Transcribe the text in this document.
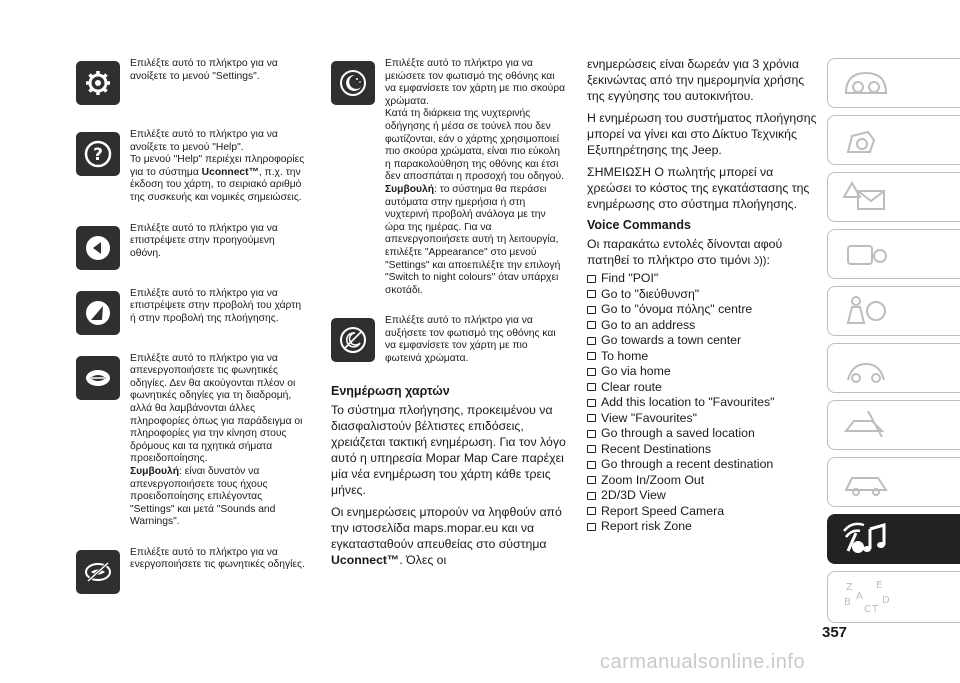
Επιλέξτε αυτό το πλήκτρο για να ανοίξετε το μενού "Settings".

?

Επιλέξτε αυτό το πλήκτρο για να ανοίξετε το μενού "Help".

Το μενού "Help" περιέχει πληροφορίες για το σύστημα Uconnect™, π.χ. την έκδοση του χάρτη, το σειριακό αριθμό της συσκευής και νομικές σημειώσεις.

Επιλέξτε αυτό το πλήκτρο για να επιστρέψετε στην προηγούμενη οθόνη.

Επιλέξτε αυτό το πλήκτρο για να επιστρέψετε στην προβολή του χάρτη ή στην προβολή της πλοήγησης.

Επιλέξτε αυτό το πλήκτρο για να απενεργοποιήσετε τις φωνητικές οδηγίες. Δεν θα ακούγονται πλέον οι φωνητικές οδηγίες για τη διαδρομή, αλλά θα λαμβάνονται άλλες πληροφορίες όπως για παράδειγμα οι πληροφορίες για την κίνηση στους δρόμους και τα ηχητικά σήματα προειδοποίησης.

Συμβουλή: είναι δυνατόν να απενεργοποιήσετε τους ήχους προειδοποίησης επιλέγοντας "Settings" και μετά "Sounds and Warnings".

Επιλέξτε αυτό το πλήκτρο για να ενεργοποιήσετε τις φωνητικές οδηγίες.

Επιλέξτε αυτό το πλήκτρο για να μειώσετε τον φωτισμό της οθόνης και να εμφανίσετε τον χάρτη με πιο σκούρα χρώματα.

Κατά τη διάρκεια της νυχτερινής οδήγησης ή μέσα σε τούνελ που δεν φωτίζονται, εάν ο χάρτης χρησιμοποιεί πιο σκούρα χρώματα, είναι πιο εύκολη η παρακολούθηση της οθόνης και έτσι δεν αποσπάται η προσοχή του οδηγού.

Συμβουλή: το σύστημα θα περάσει αυτόματα στην ημερήσια ή στη νυχτερινή προβολή ανάλογα με την ώρα της ημέρας. Για να απενεργοποιήσετε αυτή τη λειτουργία, επιλέξτε "Appearance" στο μενού "Settings" και αποεπιλέξτε την επιλογή "Switch to night colours" όταν υπάρχει σκοτάδι.

Επιλέξτε αυτό το πλήκτρο για να αυξήσετε τον φωτισμό της οθόνης και να εμφανίσετε τον χάρτη με πιο φωτεινά χρώματα.

Ενημέρωση χαρτών

Το σύστημα πλοήγησης, προκειμένου να διασφαλιστούν βέλτιστες επιδόσεις, χρειάζεται τακτική ενημέρωση. Για τον λόγο αυτό η υπηρεσία Mopar Map Care παρέχει μία νέα ενημέρωση του χάρτη κάθε τρεις μήνες.

Οι ενημερώσεις μπορούν να ληφθούν από την ιστοσελίδα maps.mopar.eu και να εγκατασταθούν απευθείας στο σύστημα Uconnect™. Όλες οι

ενημερώσεις είναι δωρεάν για 3 χρόνια ξεκινώντας από την ημερομηνία χρήσης της εγγύησης του αυτοκινήτου.

Η ενημέρωση του συστήματος πλοήγησης μπορεί να γίνει και στο Δίκτυο Τεχνικής Εξυπηρέτησης της Jeep.

ΣΗΜΕΙΩΣΗ Ο πωλητής μπορεί να χρεώσει το κόστος της εγκατάστασης της ενημέρωσης στο σύστημα πλοήγησης.

Voice Commands

Οι παρακάτω εντολές δίνονται αφού πατηθεί το πλήκτρο στο τιμόνι ʖ)):

Find "POI"
Go to "διεύθυνση"
Go to "όνομα πόλης" centre
Go to an address
Go towards a town center
To home
Go via home
Clear route
Add this location to "Favourites"
View "Favourites"
Go through a saved location
Recent Destinations
Go through a recent destination
Zoom In/Zoom Out
2D/3D View
Report Speed Camera
Report risk Zone
Z E
B
C T
D
A
357
carmanualsonline.info
